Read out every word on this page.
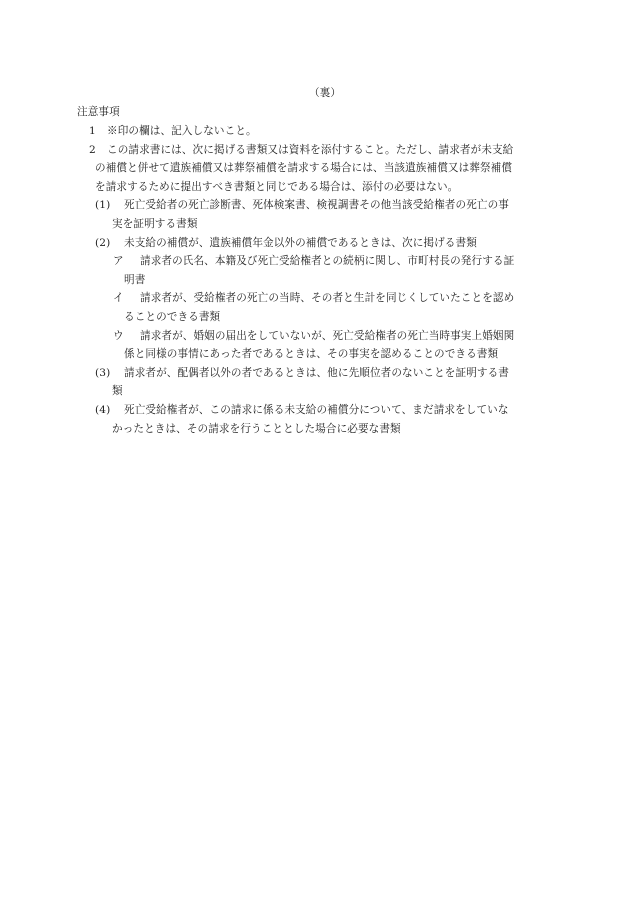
（裏）
注意事項
1 ※印の欄は、記入しないこと。
2 この請求書には、次に掲げる書類又は資料を添付すること。ただし、請求者が未支給
の補償と併せて遺族補償又は葬祭補償を請求する場合には、当該遺族補償又は葬祭補償
を請求するために提出すべき書類と同じである場合は、添付の必要はない。
(1) 死亡受給者の死亡診断書、死体検案書、検視調書その他当該受給権者の死亡の事
実を証明する書類
(2) 未支給の補償が、遺族補償年金以外の補償であるときは、次に掲げる書類
ア 請求者の氏名、本籍及び死亡受給権者との続柄に関し、市町村長の発行する証
明書
イ 請求者が、受給権者の死亡の当時、その者と生計を同じくしていたことを認め
ることのできる書類
ウ 請求者が、婚姻の届出をしていないが、死亡受給権者の死亡当時事実上婚姻関
係と同様の事情にあった者であるときは、その事実を認めることのできる書類
(3) 請求者が、配偶者以外の者であるときは、他に先順位者のないことを証明する書
類
(4) 死亡受給権者が、この請求に係る未支給の補償分について、まだ請求をしていな
かったときは、その請求を行うこととした場合に必要な書類
